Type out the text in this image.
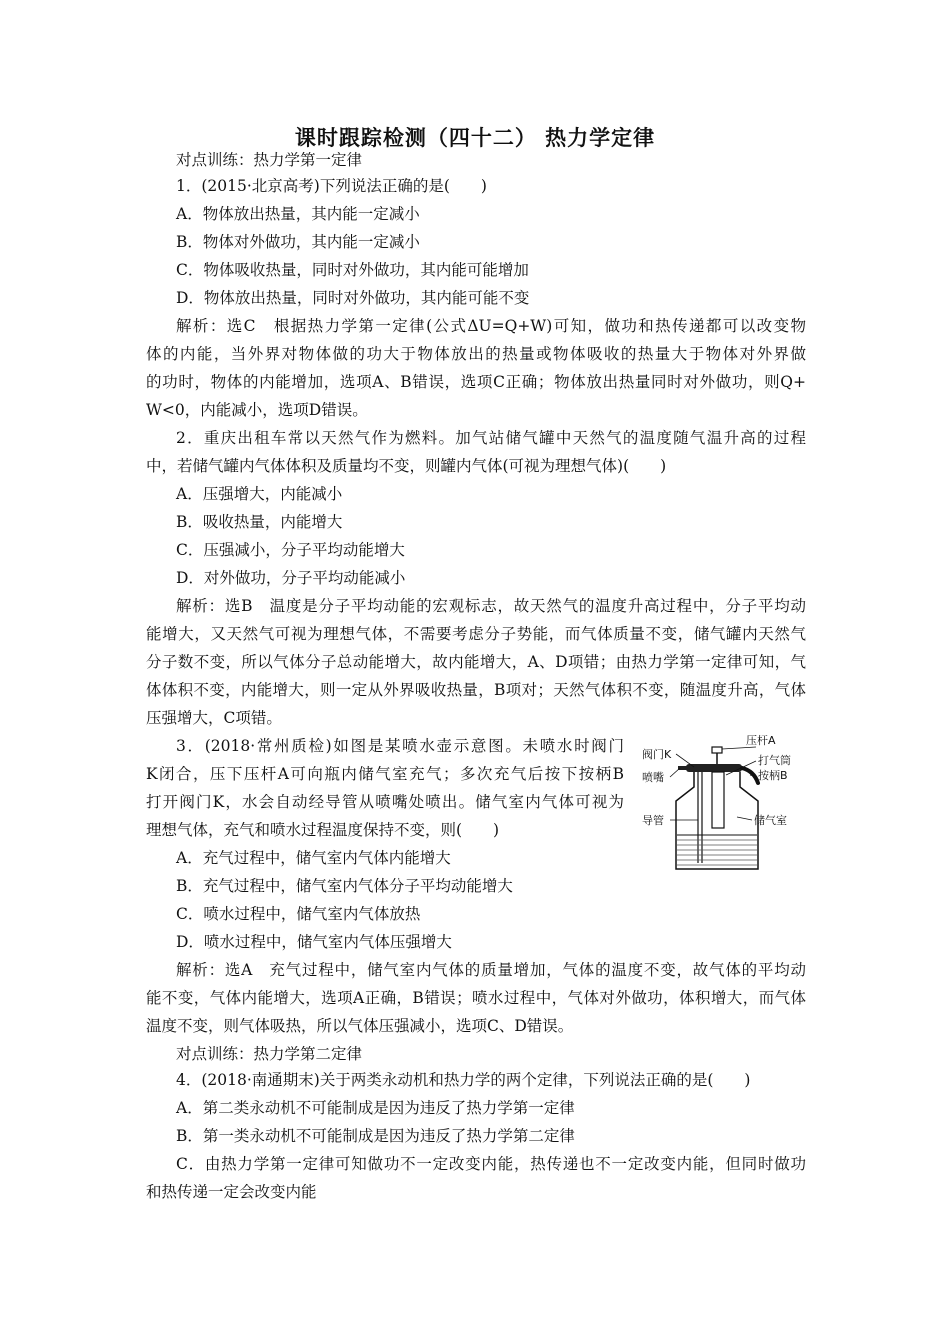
课时跟踪检测（四十二） 热力学定律
对点训练：热力学第一定律
1．(2015·北京高考)下列说法正确的是(　　)
A．物体放出热量，其内能一定减小
B．物体对外做功，其内能一定减小
C．物体吸收热量，同时对外做功，其内能可能增加
D．物体放出热量，同时对外做功，其内能可能不变
解析：选C　根据热力学第一定律(公式ΔU=Q+W)可知，做功和热传递都可以改变物
体的内能，当外界对物体做的功大于物体放出的热量或物体吸收的热量大于物体对外界做
的功时，物体的内能增加，选项A、B错误，选项C正确；物体放出热量同时对外做功，则Q+
W<0，内能减小，选项D错误。
2．重庆出租车常以天然气作为燃料。加气站储气罐中天然气的温度随气温升高的过程
中，若储气罐内气体体积及质量均不变，则罐内气体(可视为理想气体)(　　)
A．压强增大，内能减小
B．吸收热量，内能增大
C．压强减小，分子平均动能增大
D．对外做功，分子平均动能减小
解析：选B　温度是分子平均动能的宏观标志，故天然气的温度升高过程中，分子平均动
能增大，又天然气可视为理想气体，不需要考虑分子势能，而气体质量不变，储气罐内天然气
分子数不变，所以气体分子总动能增大，故内能增大，A、D项错；由热力学第一定律可知，气
体体积不变，内能增大，则一定从外界吸收热量，B项对；天然气体积不变，随温度升高，气体
压强增大，C项错。
3．(2018·常州质检)如图是某喷水壶示意图。未喷水时阀门
K闭合，压下压杆A可向瓶内储气室充气；多次充气后按下按柄B
打开阀门K，水会自动经导管从喷嘴处喷出。储气室内气体可视为
理想气体，充气和喷水过程温度保持不变，则(　　)
A．充气过程中，储气室内气体内能增大
B．充气过程中，储气室内气体分子平均动能增大
C．喷水过程中，储气室内气体放热
D．喷水过程中，储气室内气体压强增大
解析：选A　充气过程中，储气室内气体的质量增加，气体的温度不变，故气体的平均动
能不变，气体内能增大，选项A正确，B错误；喷水过程中，气体对外做功，体积增大，而气体
温度不变，则气体吸热，所以气体压强减小，选项C、D错误。
压杆A
阀门K	打气筒
喷嘴	按柄B
导管	储气室
对点训练：热力学第二定律
4．(2018·南通期末)关于两类永动机和热力学的两个定律，下列说法正确的是(　　)
A．第二类永动机不可能制成是因为违反了热力学第一定律
B．第一类永动机不可能制成是因为违反了热力学第二定律
C．由热力学第一定律可知做功不一定改变内能，热传递也不一定改变内能，但同时做功
和热传递一定会改变内能
